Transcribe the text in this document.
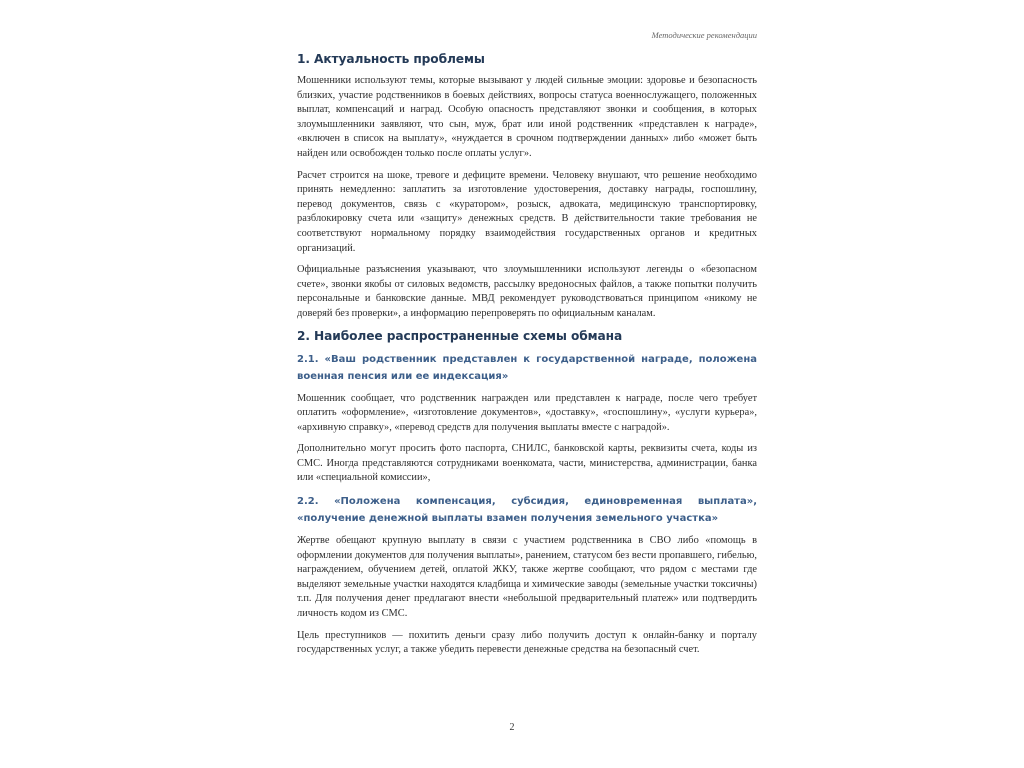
Методические рекомендации
1. Актуальность проблемы

Мошенники используют темы, которые вызывают у людей сильные эмоции: здоровье и безопасность близких, участие родственников в боевых действиях, вопросы статуса военнослужащего, положенных выплат, компенсаций и наград. Особую опасность представляют звонки и сообщения, в которых злоумышленники заявляют, что сын, муж, брат или иной родственник «представлен к награде», «включен в список на выплату», «нуждается в срочном подтверждении данных» либо «может быть найден или освобожден только после оплаты услуг».

Расчет строится на шоке, тревоге и дефиците времени. Человеку внушают, что решение необходимо принять немедленно: заплатить за изготовление удостоверения, доставку награды, госпошлину, перевод документов, связь с «куратором», розыск, адвоката, медицинскую транспортировку, разблокировку счета или «защиту» денежных средств. В действительности такие требования не соответствуют нормальному порядку взаимодействия государственных органов и кредитных организаций.

Официальные разъяснения указывают, что злоумышленники используют легенды о «безопасном счете», звонки якобы от силовых ведомств, рассылку вредоносных файлов, а также попытки получить персональные и банковские данные. МВД рекомендует руководствоваться принципом «никому не доверяй без проверки», а информацию перепроверять по официальным каналам.

2. Наиболее распространенные схемы обмана
2.1. «Ваш родственник представлен к государственной награде, положена военная пенсия или ее индексация»

Мошенник сообщает, что родственник награжден или представлен к награде, после чего требует оплатить «оформление», «изготовление документов», «доставку», «госпошлину», «услуги курьера», «архивную справку», «перевод средств для получения выплаты вместе с наградой».

Дополнительно могут просить фото паспорта, СНИЛС, банковской карты, реквизиты счета, коды из СМС. Иногда представляются сотрудниками военкомата, части, министерства, администрации, банка или «специальной комиссии»,

2.2. «Положена компенсация, субсидия, единовременная выплата», «получение денежной выплаты взамен получения земельного участка»

Жертве обещают крупную выплату в связи с участием родственника в СВО либо «помощь в оформлении документов для получения выплаты», ранением, статусом без вести пропавшего, гибелью, награждением, обучением детей, оплатой ЖКУ, также жертве сообщают, что рядом с местами где выделяют земельные участки находятся кладбища и химические заводы (земельные участки токсичны) т.п. Для получения денег предлагают внести «небольшой предварительный платеж» или подтвердить личность кодом из СМС.

Цель преступников — похитить деньги сразу либо получить доступ к онлайн-банку и порталу государственных услуг, а также убедить перевести денежные средства на безопасный счет.

2
